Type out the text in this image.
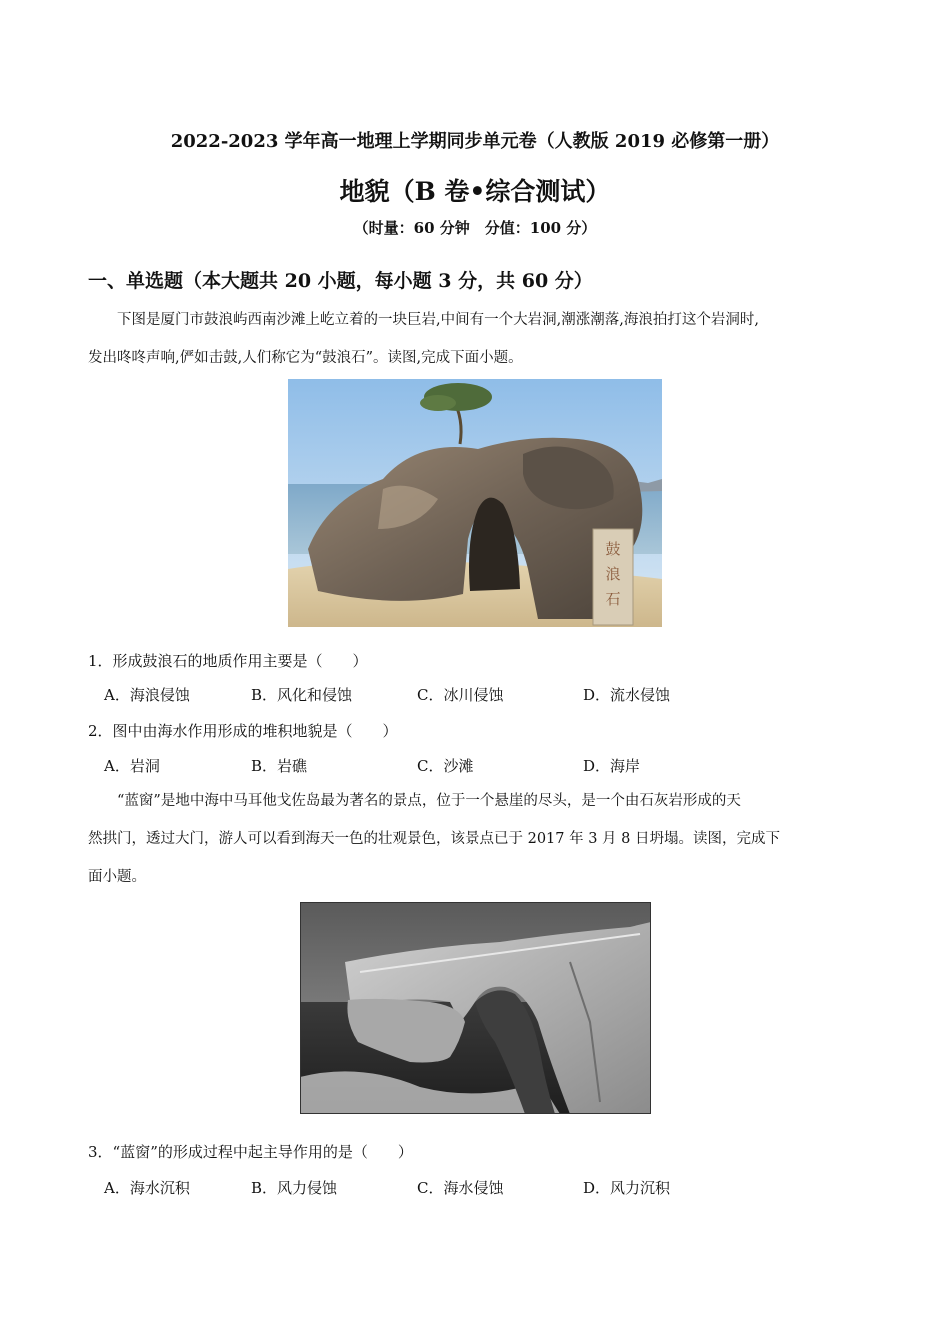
2022-2023 学年高一地理上学期同步单元卷（人教版 2019 必修第一册）
地貌（B 卷•综合测试）
（时量：60 分钟　分值：100 分）
一、单选题（本大题共 20 小题，每小题 3 分，共 60 分）
下图是厦门市鼓浪屿西南沙滩上屹立着的一块巨岩,中间有一个大岩洞,潮涨潮落,海浪拍打这个岩洞时,
发出咚咚声响,俨如击鼓,人们称它为“鼓浪石”。读图,完成下面小题。
鼓
浪
石
1．形成鼓浪石的地质作用主要是（　　）
A．海浪侵蚀	B．风化和侵蚀	C．冰川侵蚀	D．流水侵蚀
2．图中由海水作用形成的堆积地貌是（　　）
A．岩洞	B．岩礁	C．沙滩	D．海岸
“蓝窗”是地中海中马耳他戈佐岛最为著名的景点，位于一个悬崖的尽头，是一个由石灰岩形成的天
然拱门，透过大门，游人可以看到海天一色的壮观景色，该景点已于 2017 年 3 月 8 日坍塌。读图，完成下
面小题。
3．“蓝窗”的形成过程中起主导作用的是（　　）
A．海水沉积	B．风力侵蚀	C．海水侵蚀	D．风力沉积
